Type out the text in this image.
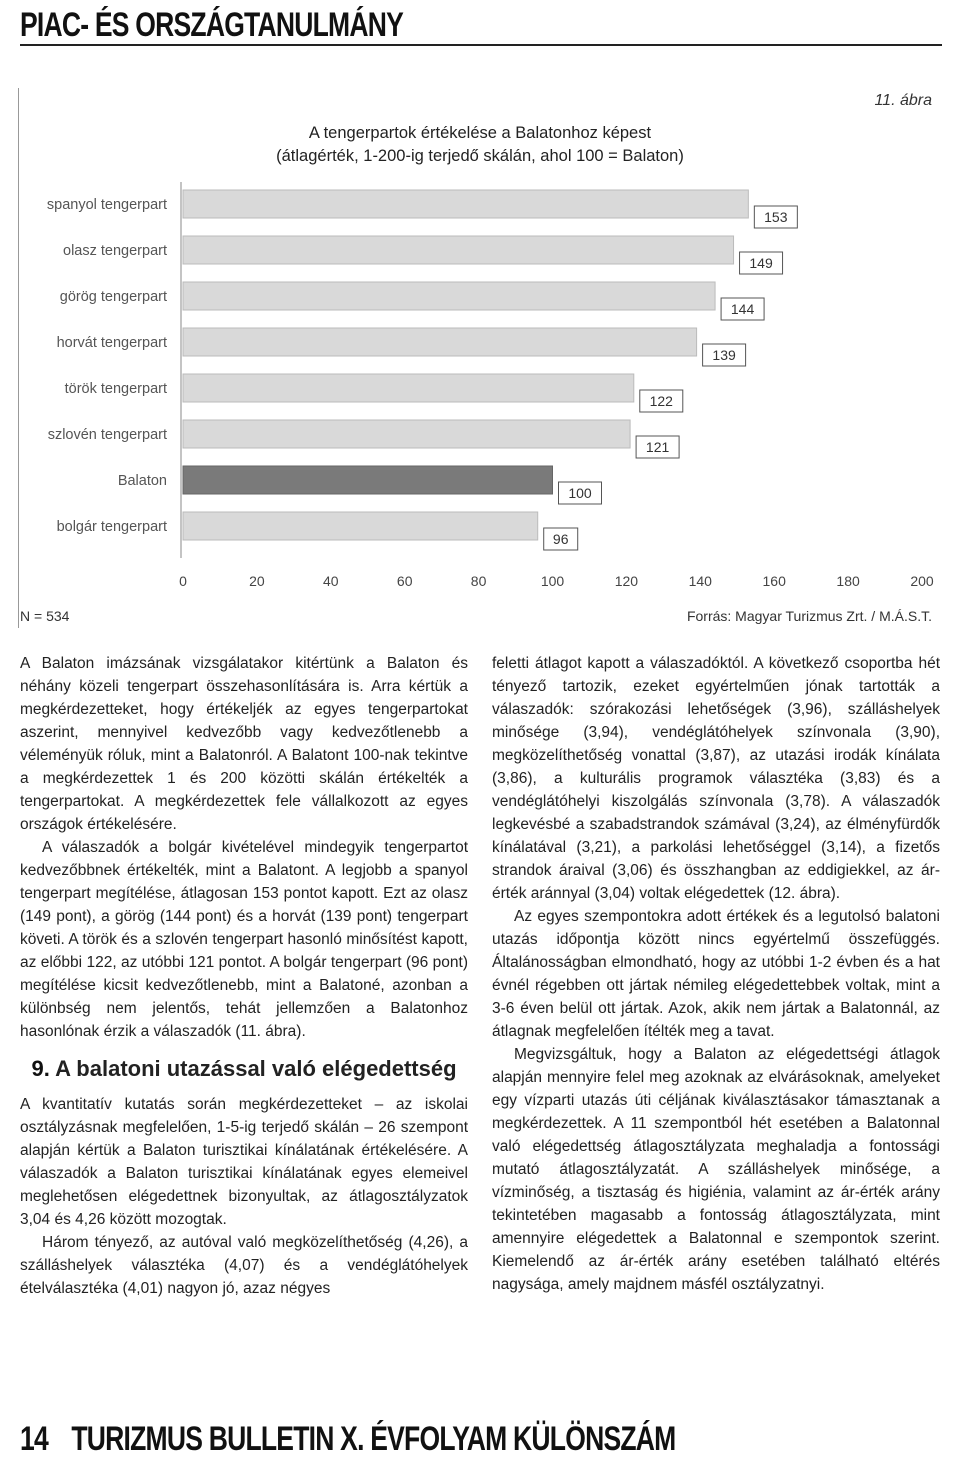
PIAC- ÉS ORSZÁGTANULMÁNY
11. ábra
A tengerpartok értékelése a Balatonhoz képest
(átlagérték, 1-200-ig terjedő skálán, ahol 100 = Balaton)
spanyol tengerpart
153
olasz tengerpart
149
görög tengerpart
144
horvát tengerpart
139
török tengerpart
122
szlovén tengerpart
121
Balaton
100
bolgár tengerpart
96
0	20	40	60	80	100	120	140	160	180	200
N = 534	Forrás: Magyar Turizmus Zrt. / M.Á.S.T.

A Balaton imázsának vizsgálatakor kitértünk a Balaton és néhány közeli tengerpart összehasonlítására is. Arra kértük a megkérdezetteket, hogy értékeljék az egyes tengerpartokat aszerint, mennyivel kedvezőbb vagy kedvezőtlenebb a véleményük róluk, mint a Balatonról. A Balatont 100-nak tekintve a megkérdezettek 1 és 200 közötti skálán értékelték a tengerpartokat. A megkérdezettek fele vállalkozott az egyes országok értékelésére.

A válaszadók a bolgár kivételével mindegyik tengerpartot kedvezőbbnek értékelték, mint a Balatont. A legjobb a spanyol tengerpart megítélése, átlagosan 153 pontot kapott. Ezt az olasz (149 pont), a görög (144 pont) és a horvát (139 pont) tengerpart követi. A török és a szlovén tengerpart hasonló minősítést kapott, az előbbi 122, az utóbbi 121 pontot. A bolgár tengerpart (96 pont) megítélése kicsit kedvezőtlenebb, mint a Balatoné, azonban a különbség nem jelentős, tehát jellemzően a Balatonhoz hasonlónak érzik a válaszadók (11. ábra).

9. A balatoni utazással való elégedettség

A kvantitatív kutatás során megkérdezetteket – az iskolai osztályzásnak megfelelően, 1-5-ig terjedő skálán – 26 szempont alapján kértük a Balaton turisztikai kínálatának értékelésére. A válaszadók a Balaton turisztikai kínálatának egyes elemeivel meglehetősen elégedettnek bizonyultak, az átlagosztályzatok 3,04 és 4,26 között mozogtak.

Három tényező, az autóval való megközelíthetőség (4,26), a szálláshelyek választéka (4,07) és a vendéglátóhelyek ételválasztéka (4,01) nagyon jó, azaz négyes

feletti átlagot kapott a válaszadóktól. A következő csoportba hét tényező tartozik, ezeket egyértelműen jónak tartották a válaszadók: szórakozási lehetőségek (3,96), szálláshelyek minősége (3,94), vendéglátóhelyek színvonala (3,90), megközelíthetőség vonattal (3,87), az utazási irodák kínálata (3,86), a kulturális programok választéka (3,83) és a vendéglátóhelyi kiszolgálás színvonala (3,78). A válaszadók legkevésbé a szabadstrandok számával (3,24), az élményfürdők kínálatával (3,21), a parkolási lehetőséggel (3,14), a fizetős strandok áraival (3,06) és összhangban az eddigiekkel, az ár-érték aránnyal (3,04) voltak elégedettek (12. ábra).

Az egyes szempontokra adott értékek és a legutolsó balatoni utazás időpontja között nincs egyértelmű összefüggés. Általánosságban elmondható, hogy az utóbbi 1-2 évben és a hat évnél régebben ott jártak némileg elégedettebbek voltak, mint a 3-6 éven belül ott jártak. Azok, akik nem jártak a Balatonnál, az átlagnak megfelelően ítélték meg a tavat.

Megvizsgáltuk, hogy a Balaton az elégedettségi átlagok alapján mennyire felel meg azoknak az elvárásoknak, amelyeket egy vízparti utazás úti céljának kiválasztásakor támasztanak a megkérdezettek. A 11 szempontból hét esetében a Balatonnal való elégedettség átlagosztályzata meghaladja a fontossági mutató átlagosztályzatát. A szálláshelyek minősége, a vízminőség, a tisztaság és higiénia, valamint az ár-érték arány tekintetében magasabb a fontosság átlagosztályzata, mint amennyire elégedettek a Balatonnal e szempontok szerint. Kiemelendő az ár-érték arány esetében található eltérés nagysága, amely majdnem másfél osztályzatnyi.

14 TURIZMUS BULLETIN X. ÉVFOLYAM KÜLÖNSZÁM
